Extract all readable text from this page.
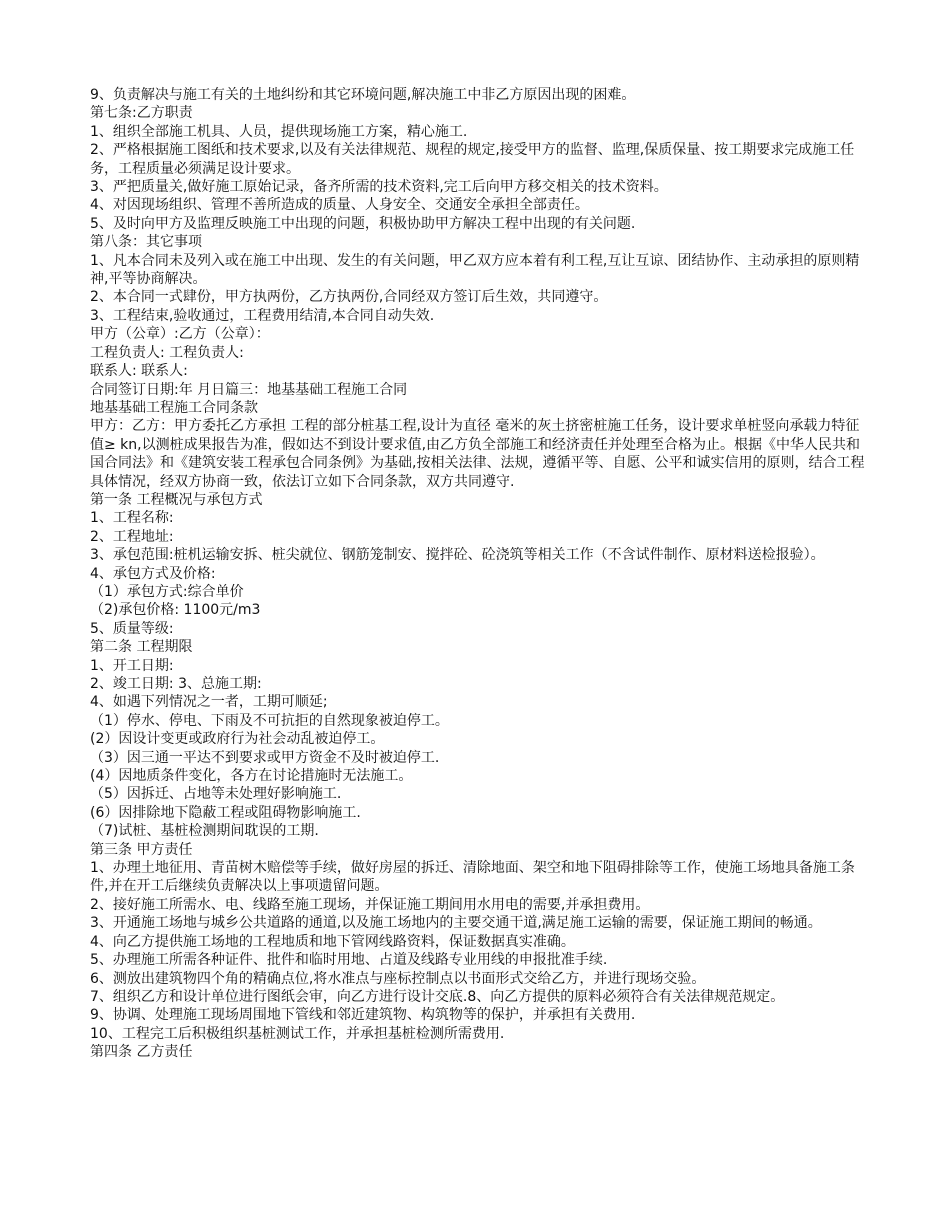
9、负责解决与施工有关的土地纠纷和其它环境问题,解决施工中非乙方原因出现的困难。

第七条:乙方职责

1、组织全部施工机具、人员，提供现场施工方案，精心施工.

2、严格根据施工图纸和技术要求,以及有关法律规范、规程的规定,接受甲方的监督、监理,保质保量、按工期要求完成施工任务，工程质量必须满足设计要求。

3、严把质量关,做好施工原始记录，备齐所需的技术资料,完工后向甲方移交相关的技术资料。

4、对因现场组织、管理不善所造成的质量、人身安全、交通安全承担全部责任。

5、及时向甲方及监理反映施工中出现的问题，积极协助甲方解决工程中出现的有关问题.

第八条：其它事项

1、凡本合同未及列入或在施工中出现、发生的有关问题，甲乙双方应本着有利工程,互让互谅、团结协作、主动承担的原则精神,平等协商解决。

2、本合同一式肆份，甲方执两份，乙方执两份,合同经双方签订后生效，共同遵守。

3、工程结束,验收通过，工程费用结清,本合同自动失效.

甲方（公章）:乙方（公章）：

工程负责人: 工程负责人:

联系人: 联系人:

合同签订日期:年 月日篇三：地基基础工程施工合同

地基基础工程施工合同条款

甲方：乙方：甲方委托乙方承担 工程的部分桩基工程,设计为直径 毫米的灰土挤密桩施工任务，设计要求单桩竖向承载力特征值≥ kn,以测桩成果报告为准，假如达不到设计要求值,由乙方负全部施工和经济责任并处理至合格为止。根据《中华人民共和国合同法》和《建筑安装工程承包合同条例》为基础,按相关法律、法规，遵循平等、自愿、公平和诚实信用的原则，结合工程具体情况，经双方协商一致，依法订立如下合同条款，双方共同遵守.

第一条 工程概况与承包方式

1、工程名称:

2、工程地址:

3、承包范围:桩机运输安拆、桩尖就位、钢筋笼制安、搅拌砼、砼浇筑等相关工作（不含试件制作、原材料送检报验）。

4、承包方式及价格:

（1）承包方式:综合单价

（2)承包价格: 1100元/m3

5、质量等级:

第二条 工程期限

1、开工日期:

2、竣工日期: 3、总施工期:

4、如遇下列情况之一者，工期可顺延;

（1）停水、停电、下雨及不可抗拒的自然现象被迫停工。

(2）因设计变更或政府行为社会动乱被迫停工。

（3）因三通一平达不到要求或甲方资金不及时被迫停工.

(4）因地质条件变化，各方在讨论措施时无法施工。

（5）因拆迁、占地等未处理好影响施工.

(6）因排除地下隐蔽工程或阻碍物影响施工.

（7)试桩、基桩检测期间耽误的工期.

第三条 甲方责任

1、办理土地征用、青苗树木赔偿等手续，做好房屋的拆迁、清除地面、架空和地下阻碍排除等工作，使施工场地具备施工条件,并在开工后继续负责解决以上事项遗留问题。

2、接好施工所需水、电、线路至施工现场，并保证施工期间用水用电的需要,并承担费用。

3、开通施工场地与城乡公共道路的通道,以及施工场地内的主要交通干道,满足施工运输的需要，保证施工期间的畅通。

4、向乙方提供施工场地的工程地质和地下管网线路资料，保证数据真实准确。

5、办理施工所需各种证件、批件和临时用地、占道及线路专业用线的申报批准手续.

6、测放出建筑物四个角的精确点位,将水准点与座标控制点以书面形式交给乙方，并进行现场交验。

7、组织乙方和设计单位进行图纸会审，向乙方进行设计交底.8、向乙方提供的原料必须符合有关法律规范规定。

9、协调、处理施工现场周围地下管线和邻近建筑物、构筑物等的保护，并承担有关费用.

10、工程完工后积极组织基桩测试工作，并承担基桩检测所需费用.

第四条 乙方责任
